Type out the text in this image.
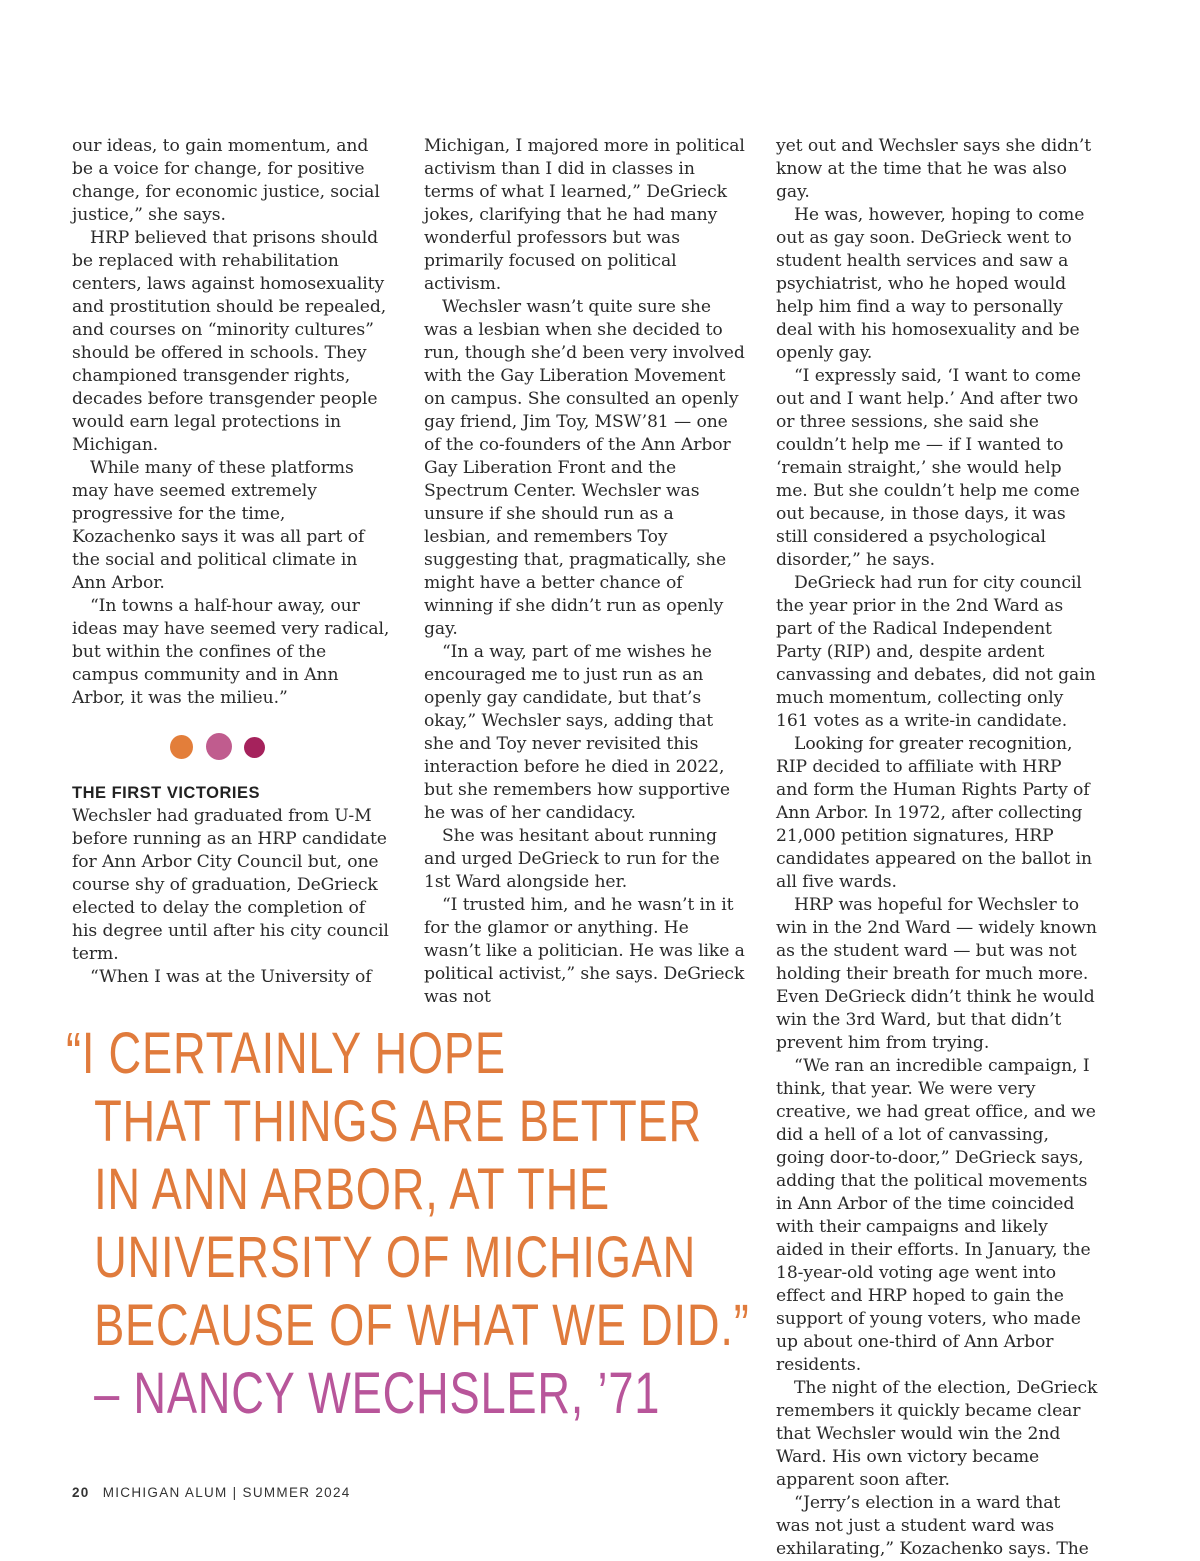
our ideas, to gain momentum, and be a voice for change, for positive change, for economic justice, social justice,” she says.

HRP believed that prisons should be replaced with rehabilitation centers, laws against homosexuality and prostitution should be repealed, and courses on “minority cultures” should be offered in schools. They championed transgender rights, decades before transgender people would earn legal protections in Michigan.

While many of these platforms may have seemed extremely progressive for the time, Kozachenko says it was all part of the social and political climate in Ann Arbor.

“In towns a half-hour away, our ideas may have seemed very radical, but within the confines of the campus community and in Ann Arbor, it was the milieu.”

THE FIRST VICTORIES

Wechsler had graduated from U-M before running as an HRP candidate for Ann Arbor City Council but, one course shy of graduation, DeGrieck elected to delay the completion of his degree until after his city council term.

“When I was at the University of

Michigan, I majored more in political activism than I did in classes in terms of what I learned,” DeGrieck jokes, clarifying that he had many wonderful professors but was primarily focused on political activism.

Wechsler wasn’t quite sure she was a lesbian when she decided to run, though she’d been very involved with the Gay Liberation Movement on campus. She consulted an openly gay friend, Jim Toy, MSW’81 — one of the co-founders of the Ann Arbor Gay Liberation Front and the Spectrum Center. Wechsler was unsure if she should run as a lesbian, and remembers Toy suggesting that, pragmatically, she might have a better chance of winning if she didn’t run as openly gay.

“In a way, part of me wishes he encouraged me to just run as an openly gay candidate, but that’s okay,” Wechsler says, adding that she and Toy never revisited this interaction before he died in 2022, but she remembers how supportive he was of her candidacy.

She was hesitant about running and urged DeGrieck to run for the 1st Ward alongside her.

“I trusted him, and he wasn’t in it for the glamor or anything. He wasn’t like a politician. He was like a political activist,” she says. DeGrieck was not

yet out and Wechsler says she didn’t know at the time that he was also gay.

He was, however, hoping to come out as gay soon. DeGrieck went to student health services and saw a psychiatrist, who he hoped would help him find a way to personally deal with his homosexuality and be openly gay.

“I expressly said, ‘I want to come out and I want help.’ And after two or three sessions, she said she couldn’t help me — if I wanted to ‘remain straight,’ she would help me. But she couldn’t help me come out because, in those days, it was still considered a psychological disorder,” he says.

DeGrieck had run for city council the year prior in the 2nd Ward as part of the Radical Independent Party (RIP) and, despite ardent canvassing and debates, did not gain much momentum, collecting only 161 votes as a write-in candidate.

Looking for greater recognition, RIP decided to affiliate with HRP and form the Human Rights Party of Ann Arbor. In 1972, after collecting 21,000 petition signatures, HRP candidates appeared on the ballot in all five wards.

HRP was hopeful for Wechsler to win in the 2nd Ward — widely known as the student ward — but was not holding their breath for much more. Even DeGrieck didn’t think he would win the 3rd Ward, but that didn’t prevent him from trying.

“We ran an incredible campaign, I think, that year. We were very creative, we had great office, and we did a hell of a lot of canvassing, going door-to-door,” DeGrieck says, adding that the political movements in Ann Arbor of the time coincided with their campaigns and likely aided in their efforts. In January, the 18-year-old voting age went into effect and HRP hoped to gain the support of young voters, who made up about one-third of Ann Arbor residents.

The night of the election, DeGrieck remembers it quickly became clear that Wechsler would win the 2nd Ward. His own victory became apparent soon after.

“Jerry’s election in a ward that was not just a student ward was exhilarating,” Kozachenko says. The

“I CERTAINLY HOPE
THAT THINGS ARE BETTER
IN ANN ARBOR, AT THE
UNIVERSITY OF MICHIGAN
BECAUSE OF WHAT WE DID.”
– NANCY WECHSLER, ’71
20 MICHIGAN ALUM | SUMMER 2024
